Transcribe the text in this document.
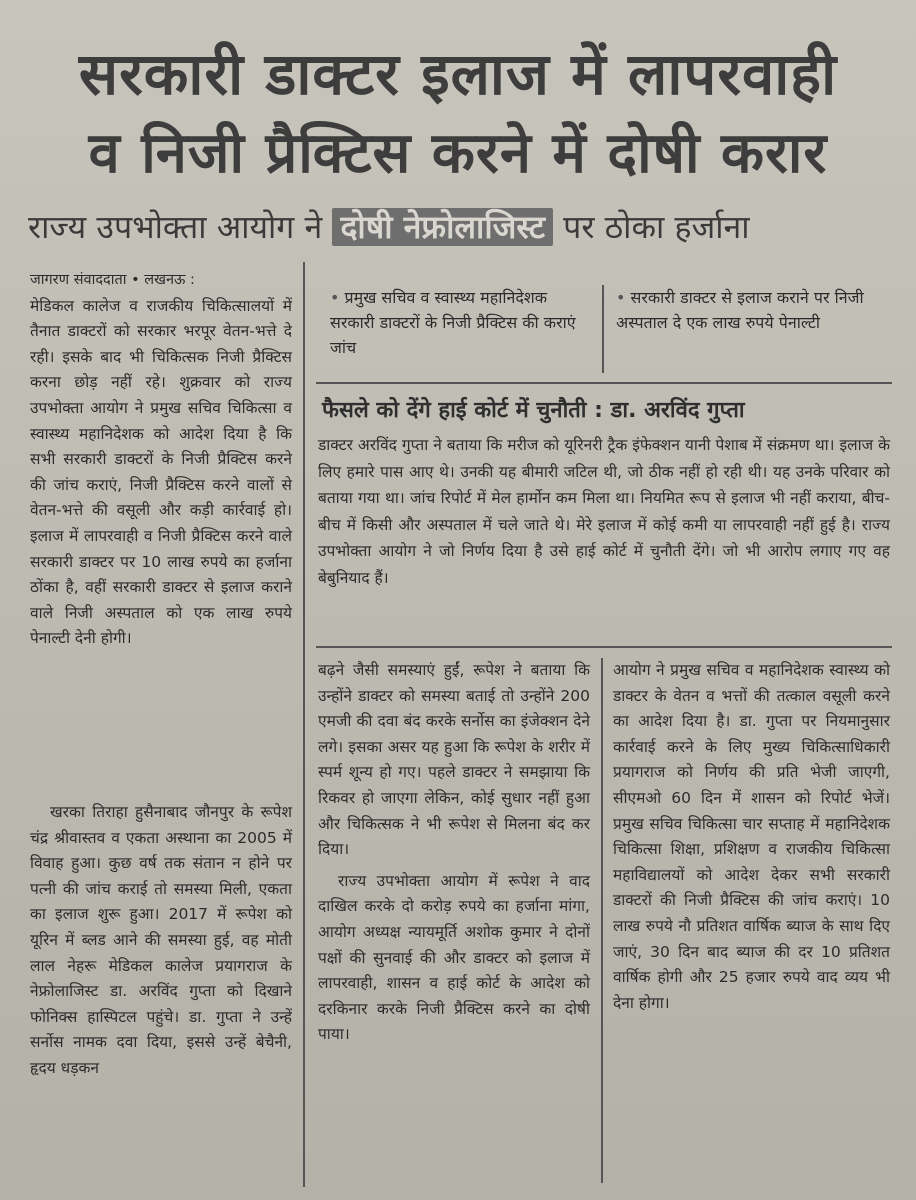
सरकारी डाक्टर इलाज में लापरवाही
व निजी प्रैक्टिस करने में दोषी करार
राज्य उपभोक्ता आयोग ने दोषी नेफ्रोलाजिस्ट पर ठोका हर्जाना

जागरण संवाददाता • लखनऊ :

मेडिकल कालेज व राजकीय चिकित्सालयों में तैनात डाक्टरों को सरकार भरपूर वेतन-भत्ते दे रही। इसके बाद भी चिकित्सक निजी प्रैक्टिस करना छोड़ नहीं रहे। शुक्रवार को राज्य उपभोक्ता आयोग ने प्रमुख सचिव चिकित्सा व स्वास्थ्य महानिदेशक को आदेश दिया है कि सभी सरकारी डाक्टरों के निजी प्रैक्टिस करने की जांच कराएं, निजी प्रैक्टिस करने वालों से वेतन-भत्ते की वसूली और कड़ी कार्रवाई हो। इलाज में लापरवाही व निजी प्रैक्टिस करने वाले सरकारी डाक्टर पर 10 लाख रुपये का हर्जाना ठोंका है, वहीं सरकारी डाक्टर से इलाज कराने वाले निजी अस्पताल को एक लाख रुपये पेनाल्टी देनी होगी।

खरका तिराहा हुसैनाबाद जौनपुर के रूपेश चंद्र श्रीवास्तव व एकता अस्थाना का 2005 में विवाह हुआ। कुछ वर्ष तक संतान न होने पर पत्नी की जांच कराई तो समस्या मिली, एकता का इलाज शुरू हुआ। 2017 में रूपेश को यूरिन में ब्लड आने की समस्या हुई, वह मोती लाल नेहरू मेडिकल कालेज प्रयागराज के नेफ्रोलाजिस्ट डा. अरविंद गुप्ता को दिखाने फोनिक्स हास्पिटल पहुंचे। डा. गुप्ता ने उन्हें सर्नोस नामक दवा दिया, इससे उन्हें बेचैनी, हृदय धड़कन

• प्रमुख सचिव व स्वास्थ्य महानिदेशक सरकारी डाक्टरों के निजी प्रैक्टिस की कराएं जांच
• सरकारी डाक्टर से इलाज कराने पर निजी अस्पताल दे एक लाख रुपये पेनाल्टी
फैसले को देंगे हाई कोर्ट में चुनौती : डा. अरविंद गुप्ता
डाक्टर अरविंद गुप्ता ने बताया कि मरीज को यूरिनरी ट्रैक इंफेक्शन यानी पेशाब में संक्रमण था। इलाज के लिए हमारे पास आए थे। उनकी यह बीमारी जटिल थी, जो ठीक नहीं हो रही थी। यह उनके परिवार को बताया गया था। जांच रिपोर्ट में मेल हार्मोन कम मिला था। नियमित रूप से इलाज भी नहीं कराया, बीच-बीच में किसी और अस्पताल में चले जाते थे। मेरे इलाज में कोई कमी या लापरवाही नहीं हुई है। राज्य उपभोक्ता आयोग ने जो निर्णय दिया है उसे हाई कोर्ट में चुनौती देंगे। जो भी आरोप लगाए गए वह बेबुनियाद हैं।

बढ़ने जैसी समस्याएं हुईं, रूपेश ने बताया कि उन्होंने डाक्टर को समस्या बताई तो उन्होंने 200 एमजी की दवा बंद करके सर्नोस का इंजेक्शन देने लगे। इसका असर यह हुआ कि रूपेश के शरीर में स्पर्म शून्य हो गए। पहले डाक्टर ने समझाया कि रिकवर हो जाएगा लेकिन, कोई सुधार नहीं हुआ और चिकित्सक ने भी रूपेश से मिलना बंद कर दिया।

राज्य उपभोक्ता आयोग में रूपेश ने वाद दाखिल करके दो करोड़ रुपये का हर्जाना मांगा, आयोग अध्यक्ष न्यायमूर्ति अशोक कुमार ने दोनों पक्षों की सुनवाई की और डाक्टर को इलाज में लापरवाही, शासन व हाई कोर्ट के आदेश को दरकिनार करके निजी प्रैक्टिस करने का दोषी पाया।

आयोग ने प्रमुख सचिव व महानिदेशक स्वास्थ्य को डाक्टर के वेतन व भत्तों की तत्काल वसूली करने का आदेश दिया है। डा. गुप्ता पर नियमानुसार कार्रवाई करने के लिए मुख्य चिकित्साधिकारी प्रयागराज को निर्णय की प्रति भेजी जाएगी, सीएमओ 60 दिन में शासन को रिपोर्ट भेजें। प्रमुख सचिव चिकित्सा चार सप्ताह में महानिदेशक चिकित्सा शिक्षा, प्रशिक्षण व राजकीय चिकित्सा महाविद्यालयों को आदेश देकर सभी सरकारी डाक्टरों की निजी प्रैक्टिस की जांच कराएं। 10 लाख रुपये नौ प्रतिशत वार्षिक ब्याज के साथ दिए जाएं, 30 दिन बाद ब्याज की दर 10 प्रतिशत वार्षिक होगी और 25 हजार रुपये वाद व्यय भी देना होगा।
